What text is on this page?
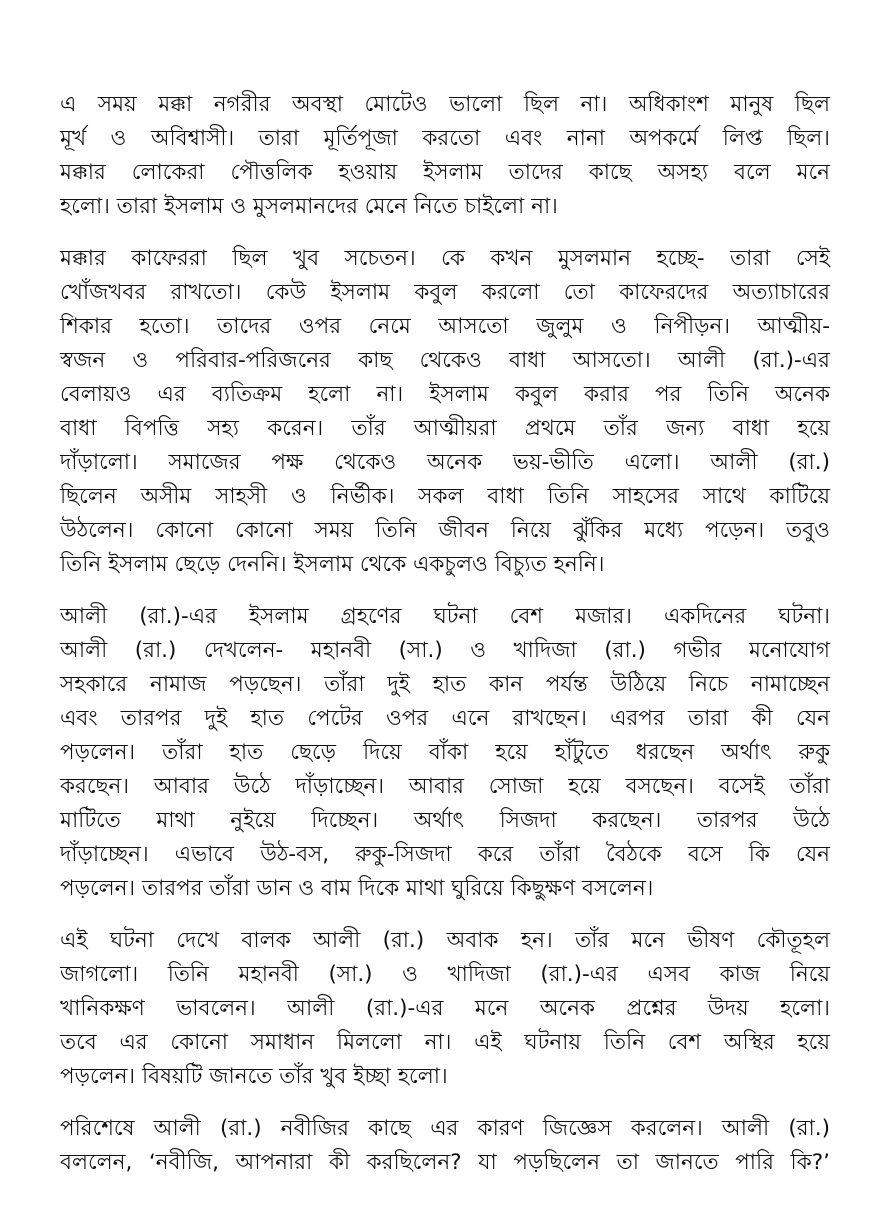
এ সময় মক্কা নগরীর অবস্থা মোটেও ভালো ছিল না। অধিকাংশ মানুষ ছিল
মূর্খ ও অবিশ্বাসী। তারা মূর্তিপূজা করতো এবং নানা অপকর্মে লিপ্ত ছিল।
মক্কার লোকেরা পৌত্তলিক হওয়ায় ইসলাম তাদের কাছে অসহ্য বলে মনে
হলো। তারা ইসলাম ও মুসলমানদের মেনে নিতে চাইলো না।

মক্কার কাফেররা ছিল খুব সচেতন। কে কখন মুসলমান হচ্ছে- তারা সেই
খোঁজখবর রাখতো। কেউ ইসলাম কবুল করলো তো কাফেরদের অত্যাচারের
শিকার হতো। তাদের ওপর নেমে আসতো জুলুম ও নিপীড়ন। আত্মীয়-
স্বজন ও পরিবার-পরিজনের কাছ থেকেও বাধা আসতো। আলী (রা.)-এর
বেলায়ও এর ব্যতিক্রম হলো না। ইসলাম কবুল করার পর তিনি অনেক
বাধা বিপত্তি সহ্য করেন। তাঁর আত্মীয়রা প্রথমে তাঁর জন্য বাধা হয়ে
দাঁড়ালো। সমাজের পক্ষ থেকেও অনেক ভয়-ভীতি এলো। আলী (রা.)
ছিলেন অসীম সাহসী ও নির্ভীক। সকল বাধা তিনি সাহসের সাথে কাটিয়ে
উঠলেন। কোনো কোনো সময় তিনি জীবন নিয়ে ঝুঁকির মধ্যে পড়েন। তবুও
তিনি ইসলাম ছেড়ে দেননি। ইসলাম থেকে একচুলও বিচ্যুত হননি।

আলী (রা.)-এর ইসলাম গ্রহণের ঘটনা বেশ মজার। একদিনের ঘটনা।
আলী (রা.) দেখলেন- মহানবী (সা.) ও খাদিজা (রা.) গভীর মনোযোগ
সহকারে নামাজ পড়ছেন। তাঁরা দুই হাত কান পর্যন্ত উঠিয়ে নিচে নামাচ্ছেন
এবং তারপর দুই হাত পেটের ওপর এনে রাখছেন। এরপর তারা কী যেন
পড়লেন। তাঁরা হাত ছেড়ে দিয়ে বাঁকা হয়ে হাঁটুতে ধরছেন অর্থাৎ রুকু
করছেন। আবার উঠে দাঁড়াচ্ছেন। আবার সোজা হয়ে বসছেন। বসেই তাঁরা
মাটিতে মাথা নুইয়ে দিচ্ছেন। অর্থাৎ সিজদা করছেন। তারপর উঠে
দাঁড়াচ্ছেন। এভাবে উঠ-বস, রুকু-সিজদা করে তাঁরা বৈঠকে বসে কি যেন
পড়লেন। তারপর তাঁরা ডান ও বাম দিকে মাথা ঘুরিয়ে কিছুক্ষণ বসলেন।

এই ঘটনা দেখে বালক আলী (রা.) অবাক হন। তাঁর মনে ভীষণ কৌতূহল
জাগলো। তিনি মহানবী (সা.) ও খাদিজা (রা.)-এর এসব কাজ নিয়ে
খানিকক্ষণ ভাবলেন। আলী (রা.)-এর মনে অনেক প্রশ্নের উদয় হলো।
তবে এর কোনো সমাধান মিললো না। এই ঘটনায় তিনি বেশ অস্থির হয়ে
পড়লেন। বিষয়টি জানতে তাঁর খুব ইচ্ছা হলো।

পরিশেষে আলী (রা.) নবীজির কাছে এর কারণ জিজ্ঞেস করলেন। আলী (রা.)
বললেন, ‘নবীজি, আপনারা কী করছিলেন? যা পড়ছিলেন তা জানতে পারি কি?’
